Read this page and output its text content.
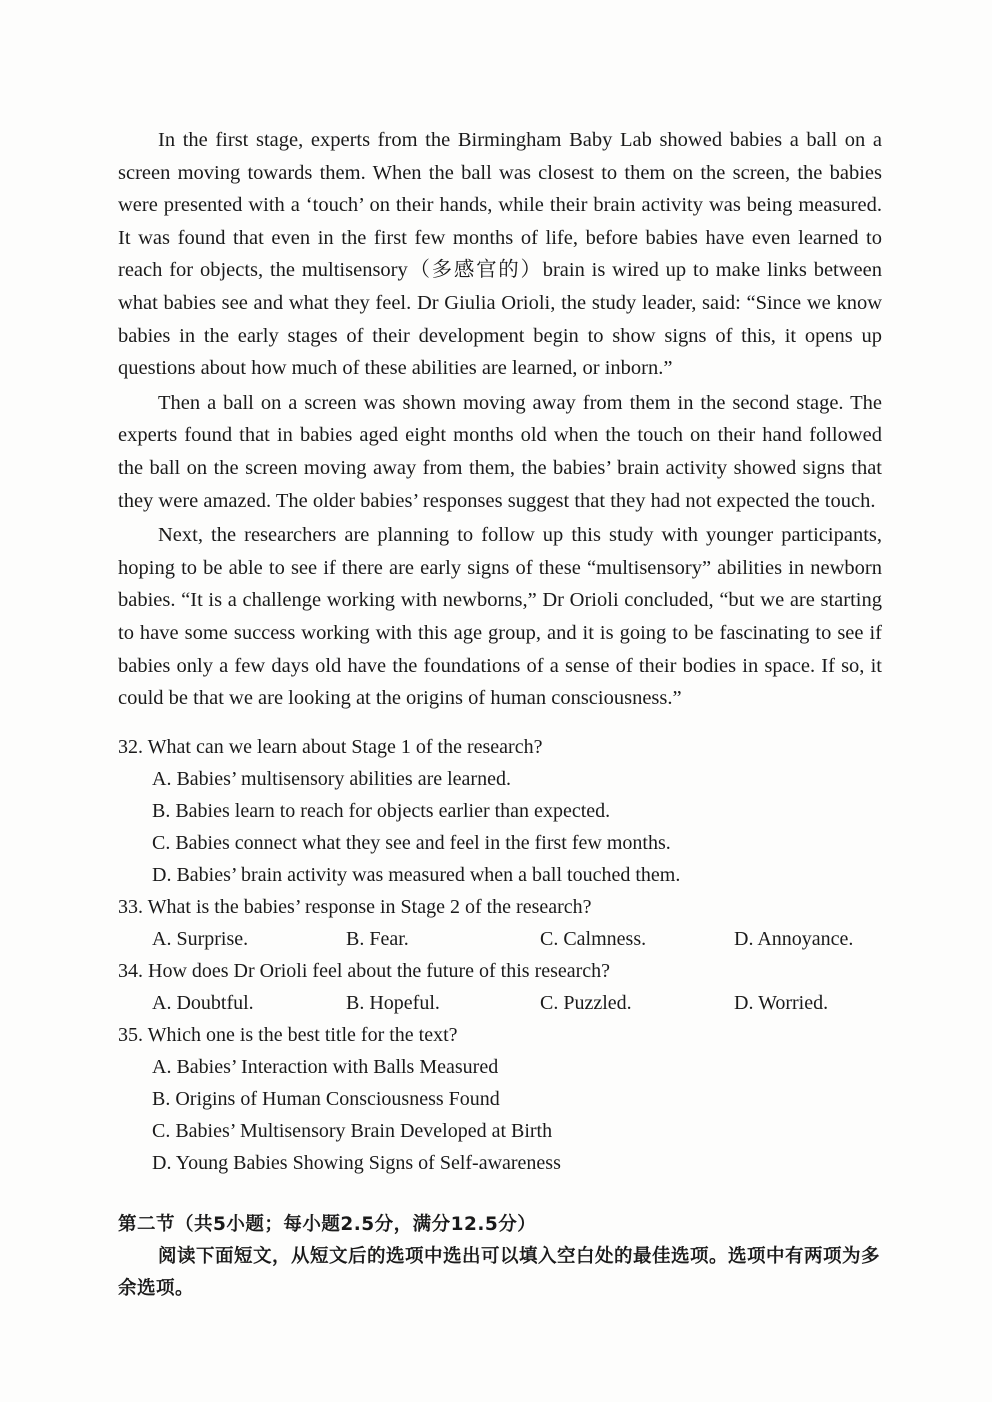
In the first stage, experts from the Birmingham Baby Lab showed babies a ball on a screen moving towards them. When the ball was closest to them on the screen, the babies were presented with a ‘touch’ on their hands, while their brain activity was being measured. It was found that even in the first few months of life, before babies have even learned to reach for objects, the multisensory（多感官的）brain is wired up to make links between what babies see and what they feel. Dr Giulia Orioli, the study leader, said: “Since we know babies in the early stages of their development begin to show signs of this, it opens up questions about how much of these abilities are learned, or inborn.”

Then a ball on a screen was shown moving away from them in the second stage. The experts found that in babies aged eight months old when the touch on their hand followed the ball on the screen moving away from them, the babies’ brain activity showed signs that they were amazed. The older babies’ responses suggest that they had not expected the touch.

Next, the researchers are planning to follow up this study with younger participants, hoping to be able to see if there are early signs of these “multisensory” abilities in newborn babies. “It is a challenge working with newborns,” Dr Orioli concluded, “but we are starting to have some success working with this age group, and it is going to be fascinating to see if babies only a few days old have the foundations of a sense of their bodies in space. If so, it could be that we are looking at the origins of human consciousness.”

32. What can we learn about Stage 1 of the research?

A. Babies’ multisensory abilities are learned.

B. Babies learn to reach for objects earlier than expected.

C. Babies connect what they see and feel in the first few months.

D. Babies’ brain activity was measured when a ball touched them.

33. What is the babies’ response in Stage 2 of the research?

A. Surprise.	B. Fear.	C. Calmness.	D. Annoyance.

34. How does Dr Orioli feel about the future of this research?

A. Doubtful.	B. Hopeful.	C. Puzzled.	D. Worried.

35. Which one is the best title for the text?

A. Babies’ Interaction with Balls Measured

B. Origins of Human Consciousness Found

C. Babies’ Multisensory Brain Developed at Birth

D. Young Babies Showing Signs of Self-awareness

第二节（共5小题；每小题2.5分，满分12.5分）

阅读下面短文，从短文后的选项中选出可以填入空白处的最佳选项。选项中有两项为多余选项。
